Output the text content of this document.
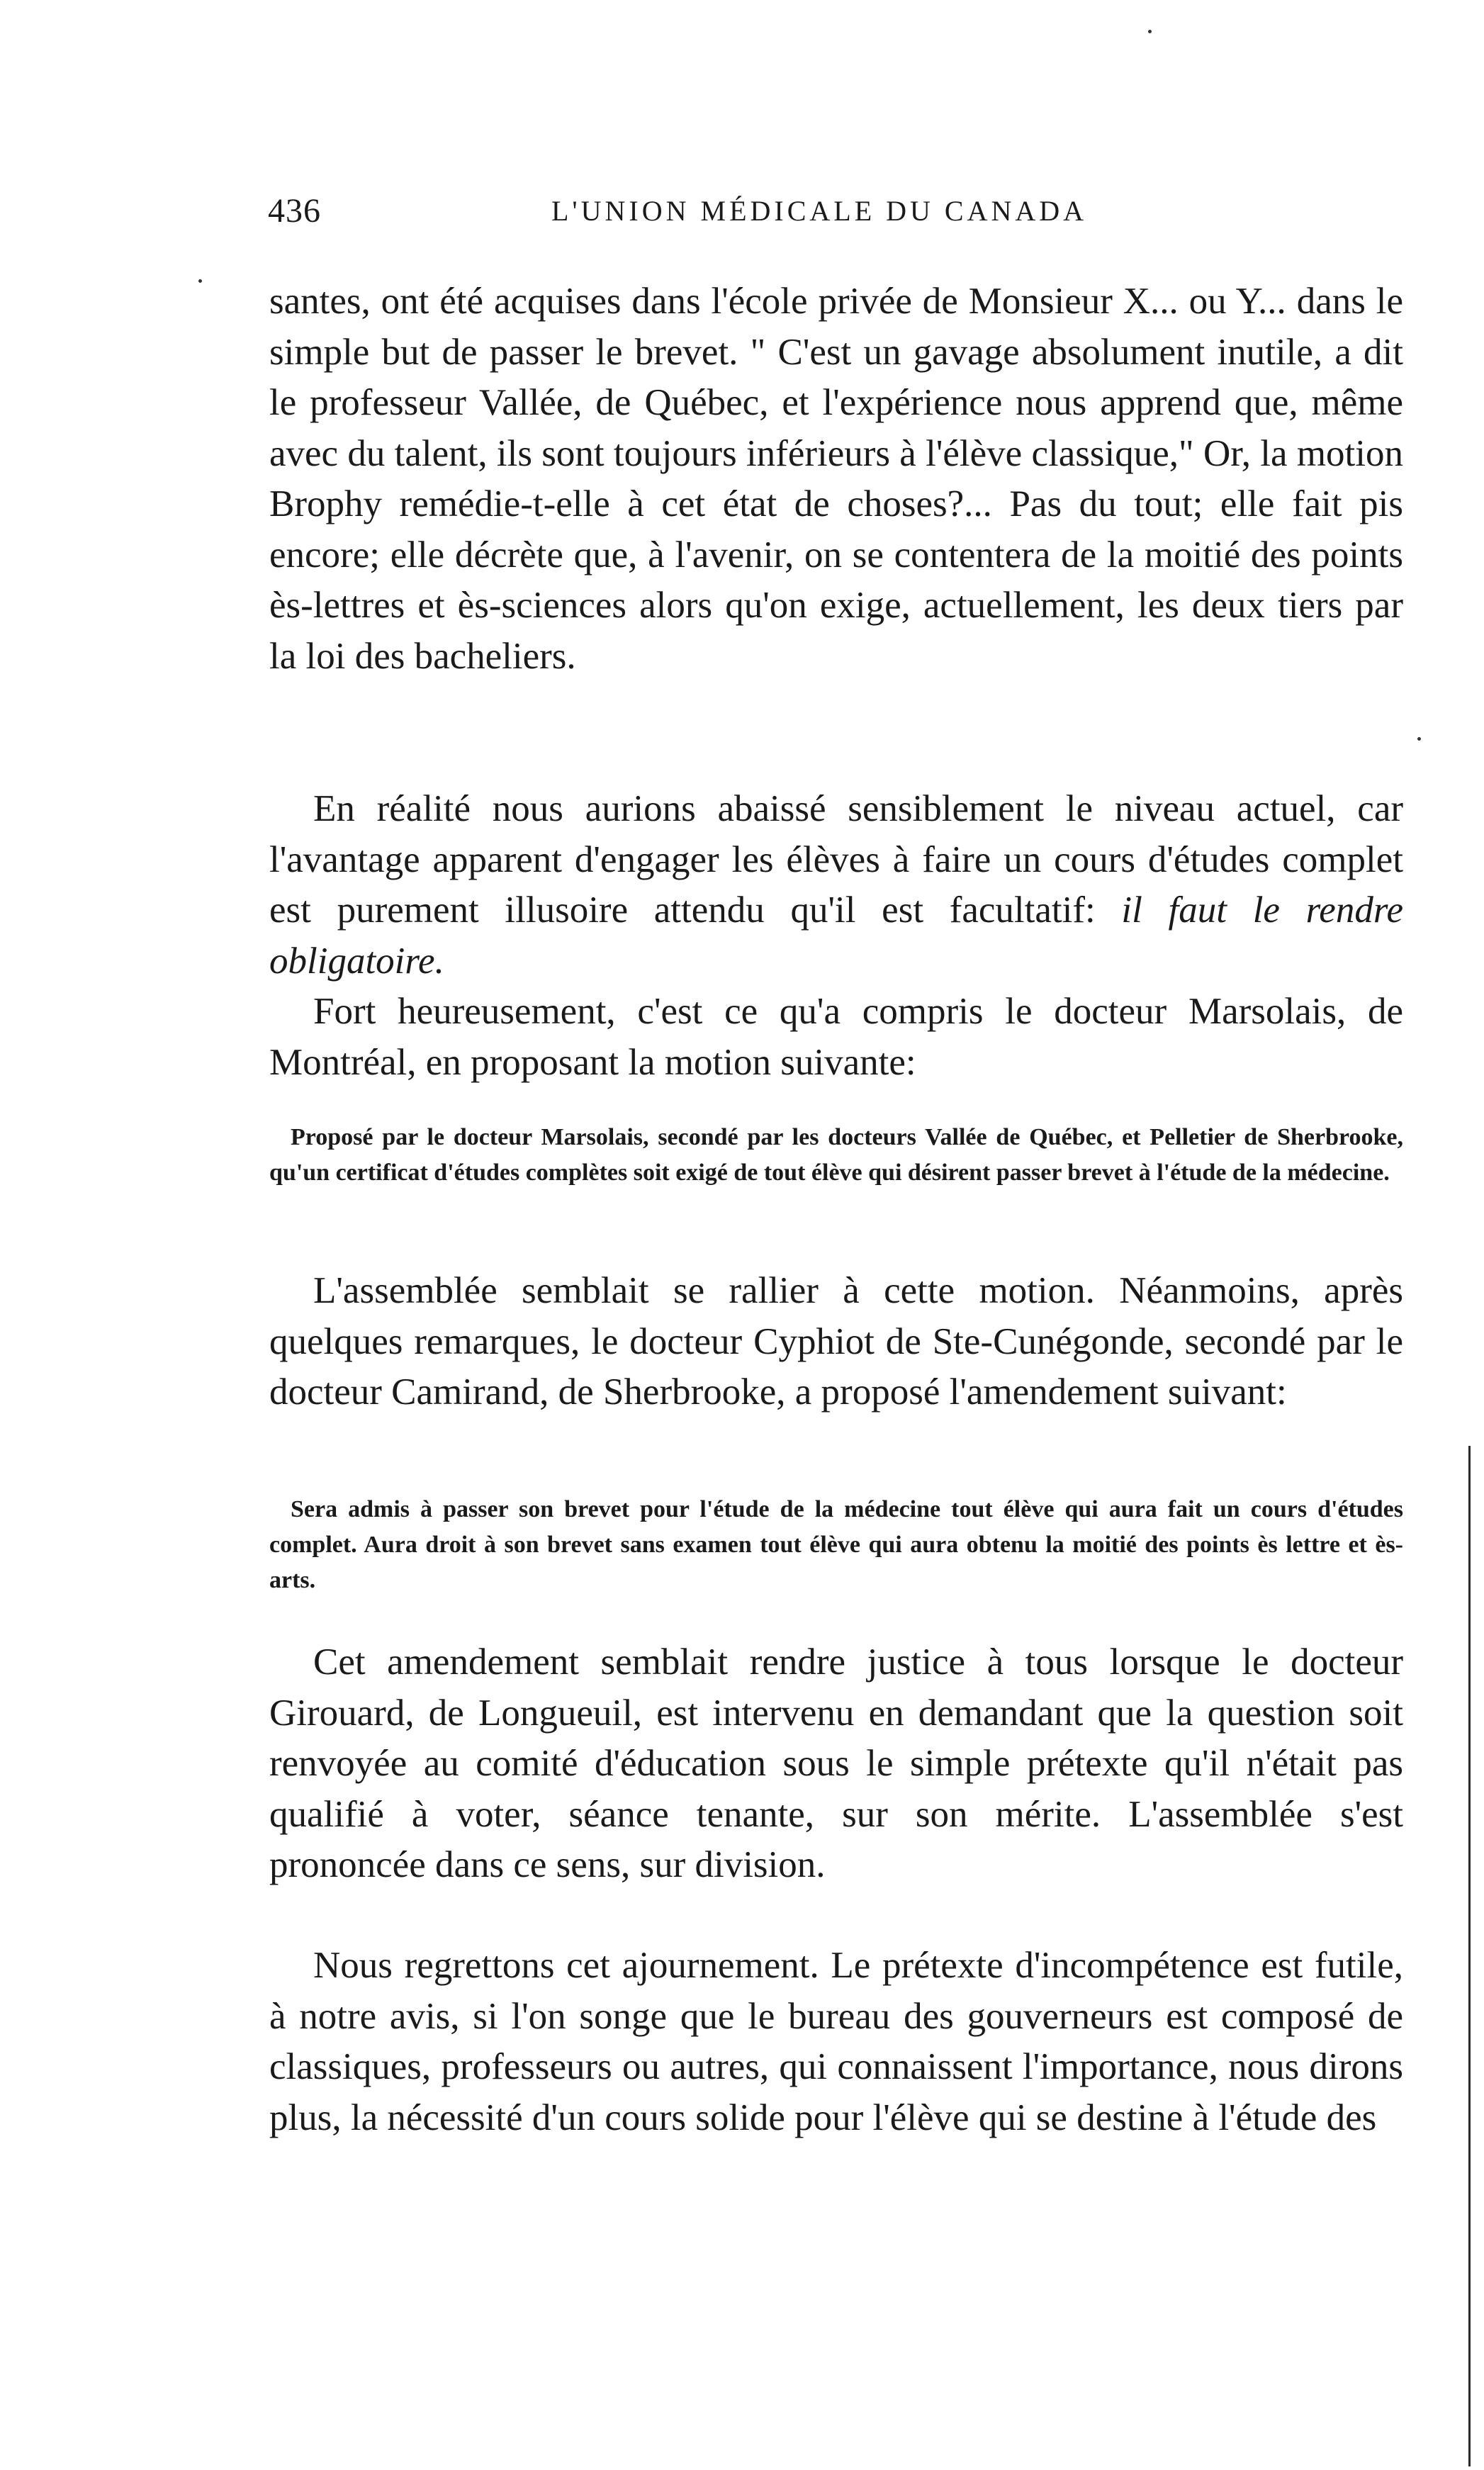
436	L'UNION MÉDICALE DU CANADA

santes, ont été acquises dans l'école privée de Monsieur X... ou Y... dans le simple but de passer le brevet. " C'est un gavage absolument inutile, a dit le professeur Vallée, de Québec, et l'expérience nous apprend que, même avec du talent, ils sont toujours inférieurs à l'élève classique," Or, la motion Brophy remédie-t-elle à cet état de choses?... Pas du tout; elle fait pis encore; elle décrète que, à l'avenir, on se contentera de la moitié des points ès-lettres et ès-sciences alors qu'on exige, actuellement, les deux tiers par la loi des bacheliers.

En réalité nous aurions abaissé sensiblement le niveau actuel, car l'avantage apparent d'engager les élèves à faire un cours d'études complet est purement illusoire attendu qu'il est facultatif: il faut le rendre obligatoire.

Fort heureusement, c'est ce qu'a compris le docteur Marsolais, de Montréal, en proposant la motion suivante:

Proposé par le docteur Marsolais, secondé par les docteurs Vallée de Québec, et Pelletier de Sherbrooke, qu'un certificat d'études complètes soit exigé de tout élève qui désirent passer brevet à l'étude de la médecine.

L'assemblée semblait se rallier à cette motion. Néanmoins, après quelques remarques, le docteur Cyphiot de Ste-Cunégonde, secondé par le docteur Camirand, de Sherbrooke, a proposé l'amendement suivant:

Sera admis à passer son brevet pour l'étude de la médecine tout élève qui aura fait un cours d'études complet. Aura droit à son brevet sans examen tout élève qui aura obtenu la moitié des points ès lettre et ès-arts.

Cet amendement semblait rendre justice à tous lorsque le docteur Girouard, de Longueuil, est intervenu en demandant que la question soit renvoyée au comité d'éducation sous le simple prétexte qu'il n'était pas qualifié à voter, séance tenante, sur son mérite. L'assemblée s'est prononcée dans ce sens, sur division.

Nous regrettons cet ajournement. Le prétexte d'incompétence est futile, à notre avis, si l'on songe que le bureau des gouverneurs est composé de classiques, professeurs ou autres, qui connaissent l'importance, nous dirons plus, la nécessité d'un cours solide pour l'élève qui se destine à l'étude des
